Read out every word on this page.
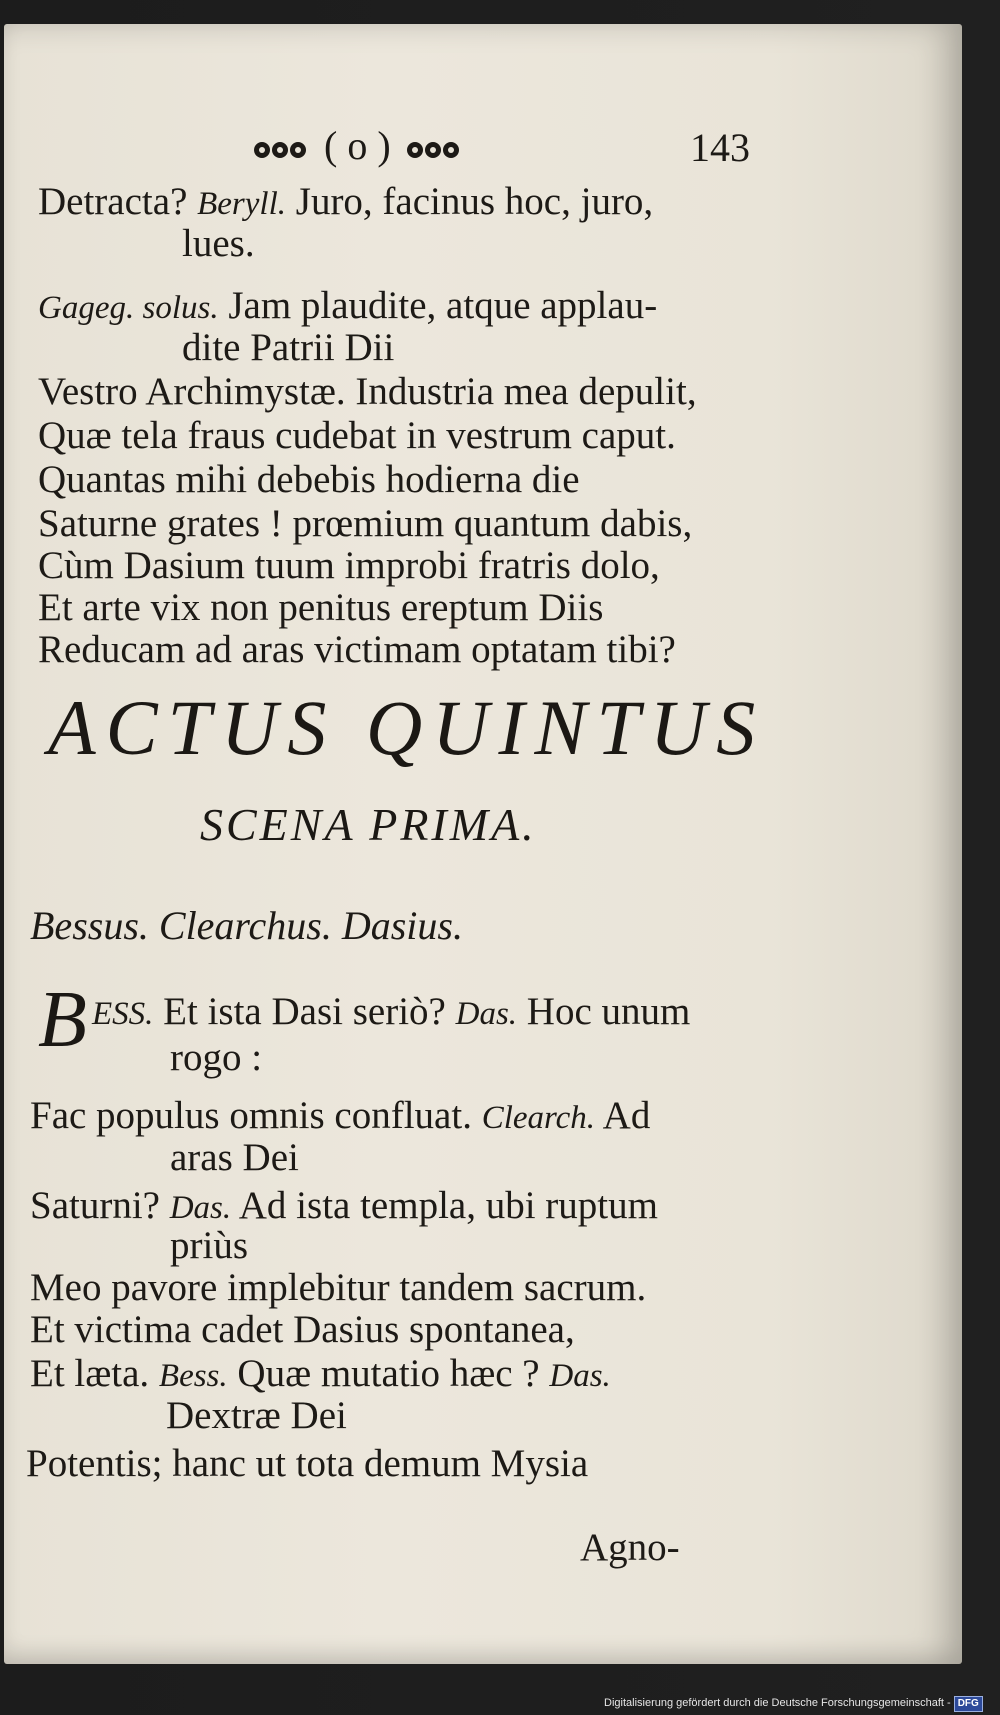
( o )	143
Detracta? Beryll. Juro, facinus hoc, juro,
lues.
Gageg. solus. Jam plaudite, atque applau-
dite Patrii Dii
Vestro Archimystæ. Industria mea depulit,
Quæ tela fraus cudebat in vestrum caput.
Quantas mihi debebis hodierna die
Saturne grates ! prœmium quantum dabis,
Cùm Dasium tuum improbi fratris dolo,
Et arte vix non penitus ereptum Diis
Reducam ad aras victimam optatam tibi?
ACTUS QUINTUS
SCENA PRIMA.
Bessus. Clearchus. Dasius.
B ESS. Et ista Dasi seriò? Das. Hoc unum
rogo :
Fac populus omnis confluat. Clearch. Ad
aras Dei
Saturni? Das. Ad ista templa, ubi ruptum
priùs
Meo pavore implebitur tandem sacrum.
Et victima cadet Dasius spontanea,
Et læta. Bess. Quæ mutatio hæc ? Das.
Dextræ Dei
Potentis; hanc ut tota demum Mysia
Agno-
Digitalisierung gefördert durch die Deutsche Forschungsgemeinschaft - DFG
